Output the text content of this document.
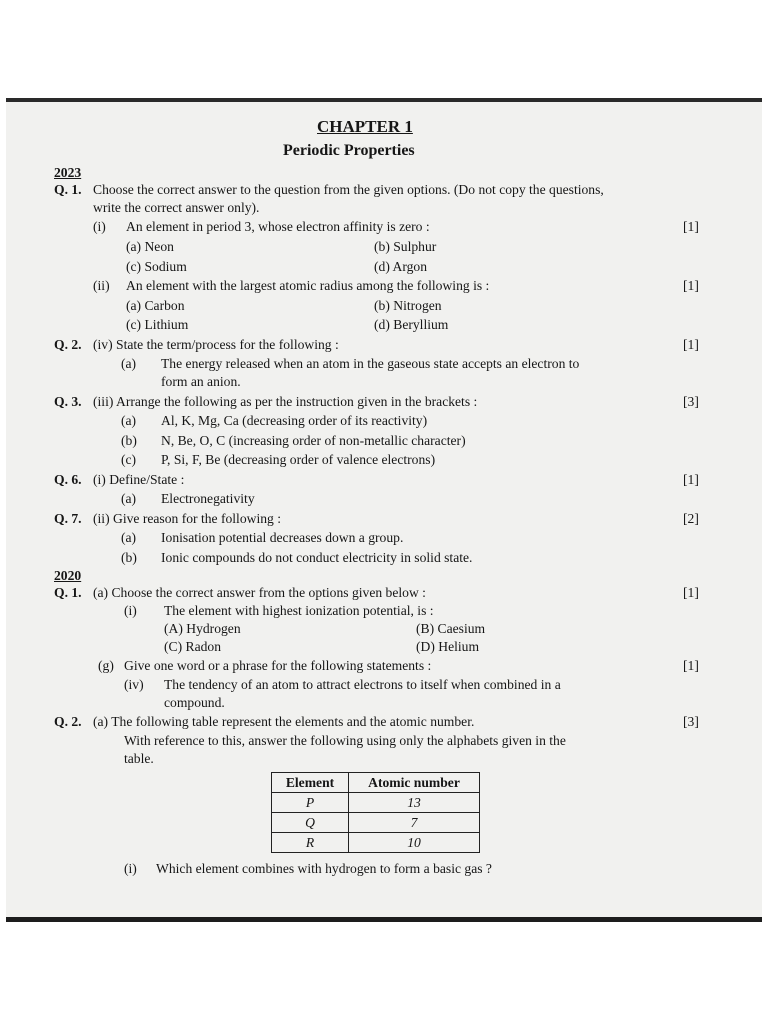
CHAPTER 1
Periodic Properties
2023
Q. 1. Choose the correct answer to the question from the given options. (Do not copy the questions,
write the correct answer only).
(i) An element in period 3, whose electron affinity is zero :	[1]
(a) Neon	(b) Sulphur
(c) Sodium	(d) Argon
(ii) An element with the largest atomic radius among the following is :	[1]
(a) Carbon	(b) Nitrogen
(c) Lithium	(d) Beryllium
Q. 2. (iv) State the term/process for the following :	[1]
(a) The energy released when an atom in the gaseous state accepts an electron to
form an anion.
Q. 3. (iii) Arrange the following as per the instruction given in the brackets :	[3]
(a) Al, K, Mg, Ca (decreasing order of its reactivity)
(b) N, Be, O, C (increasing order of non-metallic character)
(c) P, Si, F, Be (decreasing order of valence electrons)
Q. 6. (i) Define/State :	[1]
(a) Electronegativity
Q. 7. (ii) Give reason for the following :	[2]
(a) Ionisation potential decreases down a group.
(b) Ionic compounds do not conduct electricity in solid state.
2020
Q. 1. (a) Choose the correct answer from the options given below :	[1]
(i) The element with highest ionization potential, is :
(A) Hydrogen	(B) Caesium
(C) Radon	(D) Helium
(g) Give one word or a phrase for the following statements :	[1]
(iv) The tendency of an atom to attract electrons to itself when combined in a
compound.
Q. 2. (a) The following table represent the elements and the atomic number.	[3]
With reference to this, answer the following using only the alphabets given in the
table.
Element	Atomic number
P	13
Q	7
R	10
(i) Which element combines with hydrogen to form a basic gas ?
